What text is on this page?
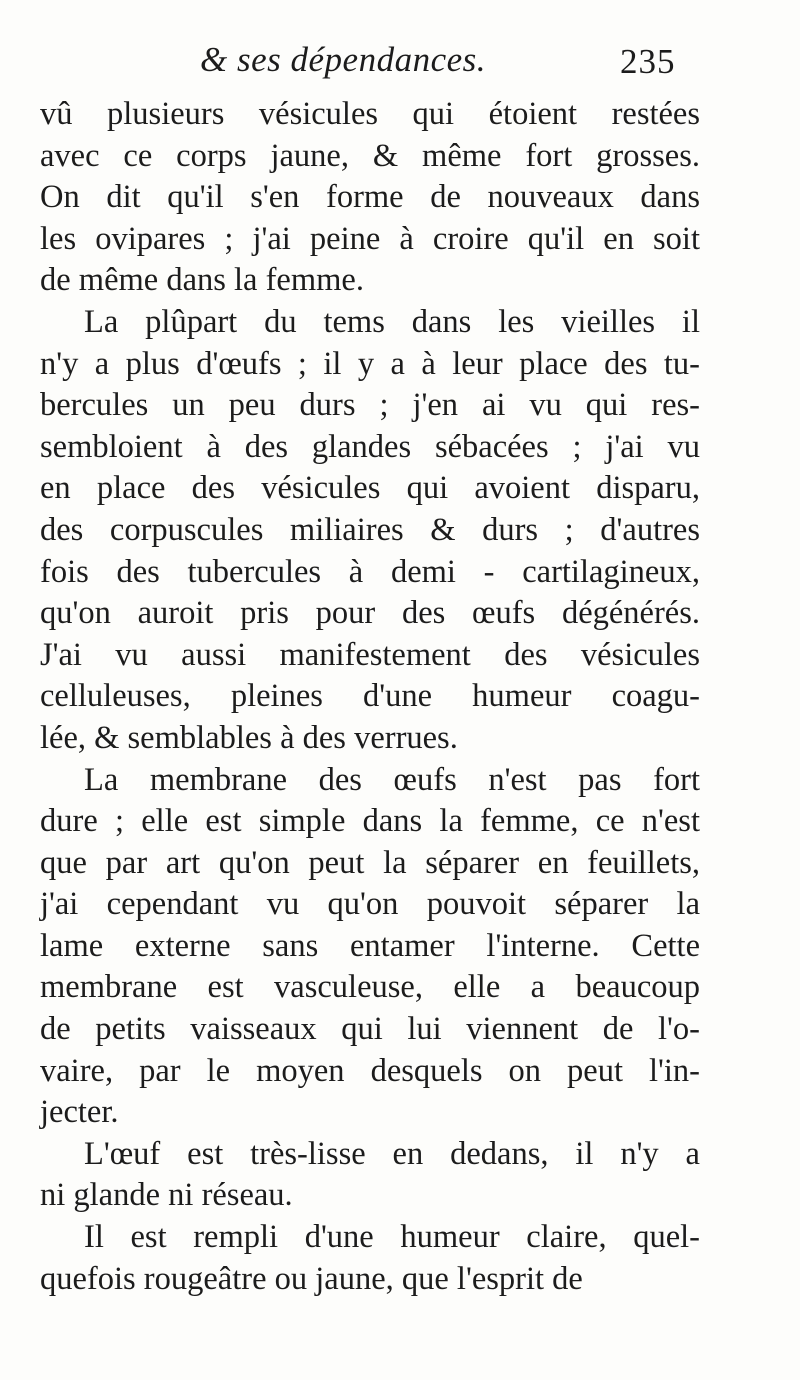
& ses dépendances.	235
vû plusieurs vésicules qui étoient restées
avec ce corps jaune, & même fort grosses.
On dit qu'il s'en forme de nouveaux dans
les ovipares ; j'ai peine à croire qu'il en soit
de même dans la femme.
La plûpart du tems dans les vieilles il
n'y a plus d'œufs ; il y a à leur place des tu-
bercules un peu durs ; j'en ai vu qui res-
sembloient à des glandes sébacées ; j'ai vu
en place des vésicules qui avoient disparu,
des corpuscules miliaires & durs ; d'autres
fois des tubercules à demi - cartilagineux,
qu'on auroit pris pour des œufs dégénérés.
J'ai vu aussi manifestement des vésicules
celluleuses, pleines d'une humeur coagu-
lée, & semblables à des verrues.
La membrane des œufs n'est pas fort
dure ; elle est simple dans la femme, ce n'est
que par art qu'on peut la séparer en feuillets,
j'ai cependant vu qu'on pouvoit séparer la
lame externe sans entamer l'interne. Cette
membrane est vasculeuse, elle a beaucoup
de petits vaisseaux qui lui viennent de l'o-
vaire, par le moyen desquels on peut l'in-
jecter.
L'œuf est très-lisse en dedans, il n'y a
ni glande ni réseau.
Il est rempli d'une humeur claire, quel-
quefois rougeâtre ou jaune, que l'esprit de
